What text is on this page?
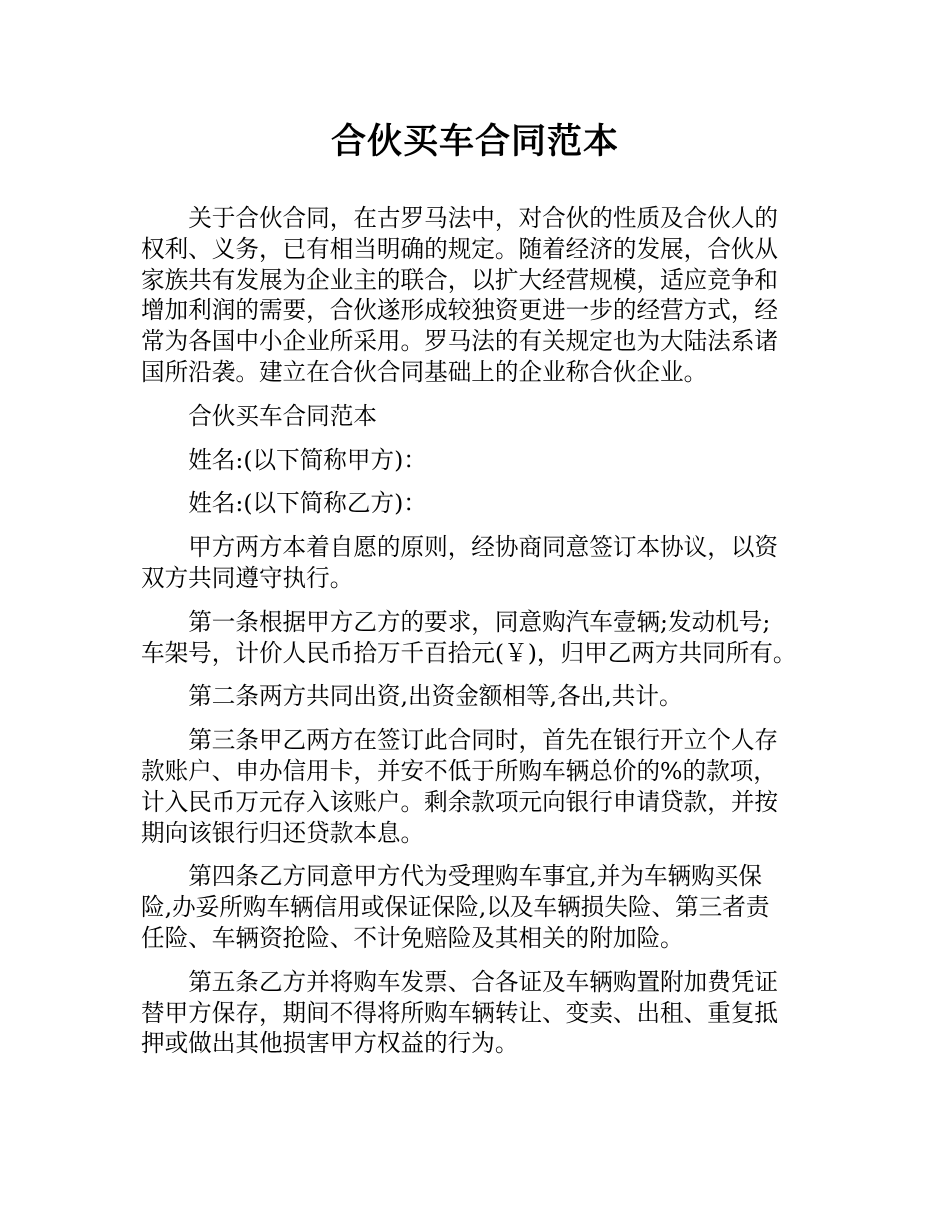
合伙买车合同范本

关于合伙合同，在古罗马法中，对合伙的性质及合伙人的
权利、义务，已有相当明确的规定。随着经济的发展，合伙从
家族共有发展为企业主的联合，以扩大经营规模，适应竞争和
增加利润的需要，合伙遂形成较独资更进一步的经营方式，经
常为各国中小企业所采用。罗马法的有关规定也为大陆法系诸
国所沿袭。建立在合伙合同基础上的企业称合伙企业。

合伙买车合同范本

姓名:(以下简称甲方)：

姓名:(以下简称乙方)：

甲方两方本着自愿的原则，经协商同意签订本协议，以资
双方共同遵守执行。

第一条根据甲方乙方的要求，同意购汽车壹辆;发动机号;
车架号，计价人民币拾万千百拾元(￥)，归甲乙两方共同所有。

第二条两方共同出资,出资金额相等,各出,共计。

第三条甲乙两方在签订此合同时，首先在银行开立个人存
款账户、申办信用卡，并安不低于所购车辆总价的%的款项，
计入民币万元存入该账户。剩余款项元向银行申请贷款，并按
期向该银行归还贷款本息。

第四条乙方同意甲方代为受理购车事宜,并为车辆购买保
险,办妥所购车辆信用或保证保险,以及车辆损失险、第三者责
任险、车辆资抢险、不计免赔险及其相关的附加险。

第五条乙方并将购车发票、合各证及车辆购置附加费凭证
替甲方保存，期间不得将所购车辆转让、变卖、出租、重复抵
押或做出其他损害甲方权益的行为。
